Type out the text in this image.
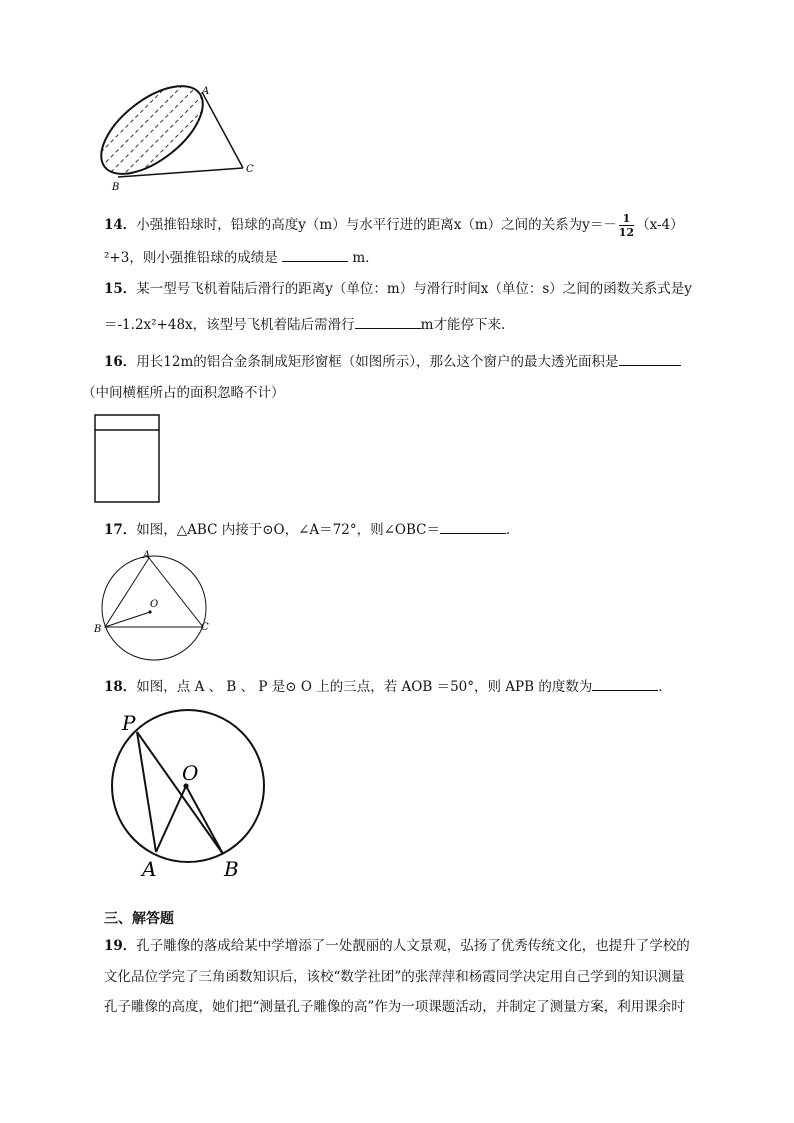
A
B
C
14．小强推铅球时，铅球的高度y（m）与水平行进的距离x（m）之间的关系为$y=- \frac{1}{12} (x-4)$
²+3，则小强推铅球的成绩是	m．
15．某一型号飞机着陆后滑行的距离y（单位：m）与滑行时间x（单位：s）之间的函数关系式是y
＝-1.2x²+48x，该型号飞机着陆后需滑行	m才能停下来.
16．用长12m的铝合金条制成矩形窗框（如图所示），那么这个窗户的最大透光面积是
（中间横框所占的面积忽略不计）
17．如图，△ABC 内接于⊙O，∠A＝72°，则∠OBC＝	．
A
B	C
O
18．如图，点 A 、 B 、 P 是⊙ O 上的三点，若 AOB ＝50°，则 APB 的度数为	．
P
O
A	B
三、解答题
19．孔子雕像的落成给某中学增添了一处靓丽的人文景观，弘扬了优秀传统文化，也提升了学校的
文化品位学完了三角函数知识后，该校“数学社团”的张萍萍和杨霞同学决定用自己学到的知识测量
孔子雕像的高度，她们把“测量孔子雕像的高”作为一项课题活动，并制定了测量方案，利用课余时
